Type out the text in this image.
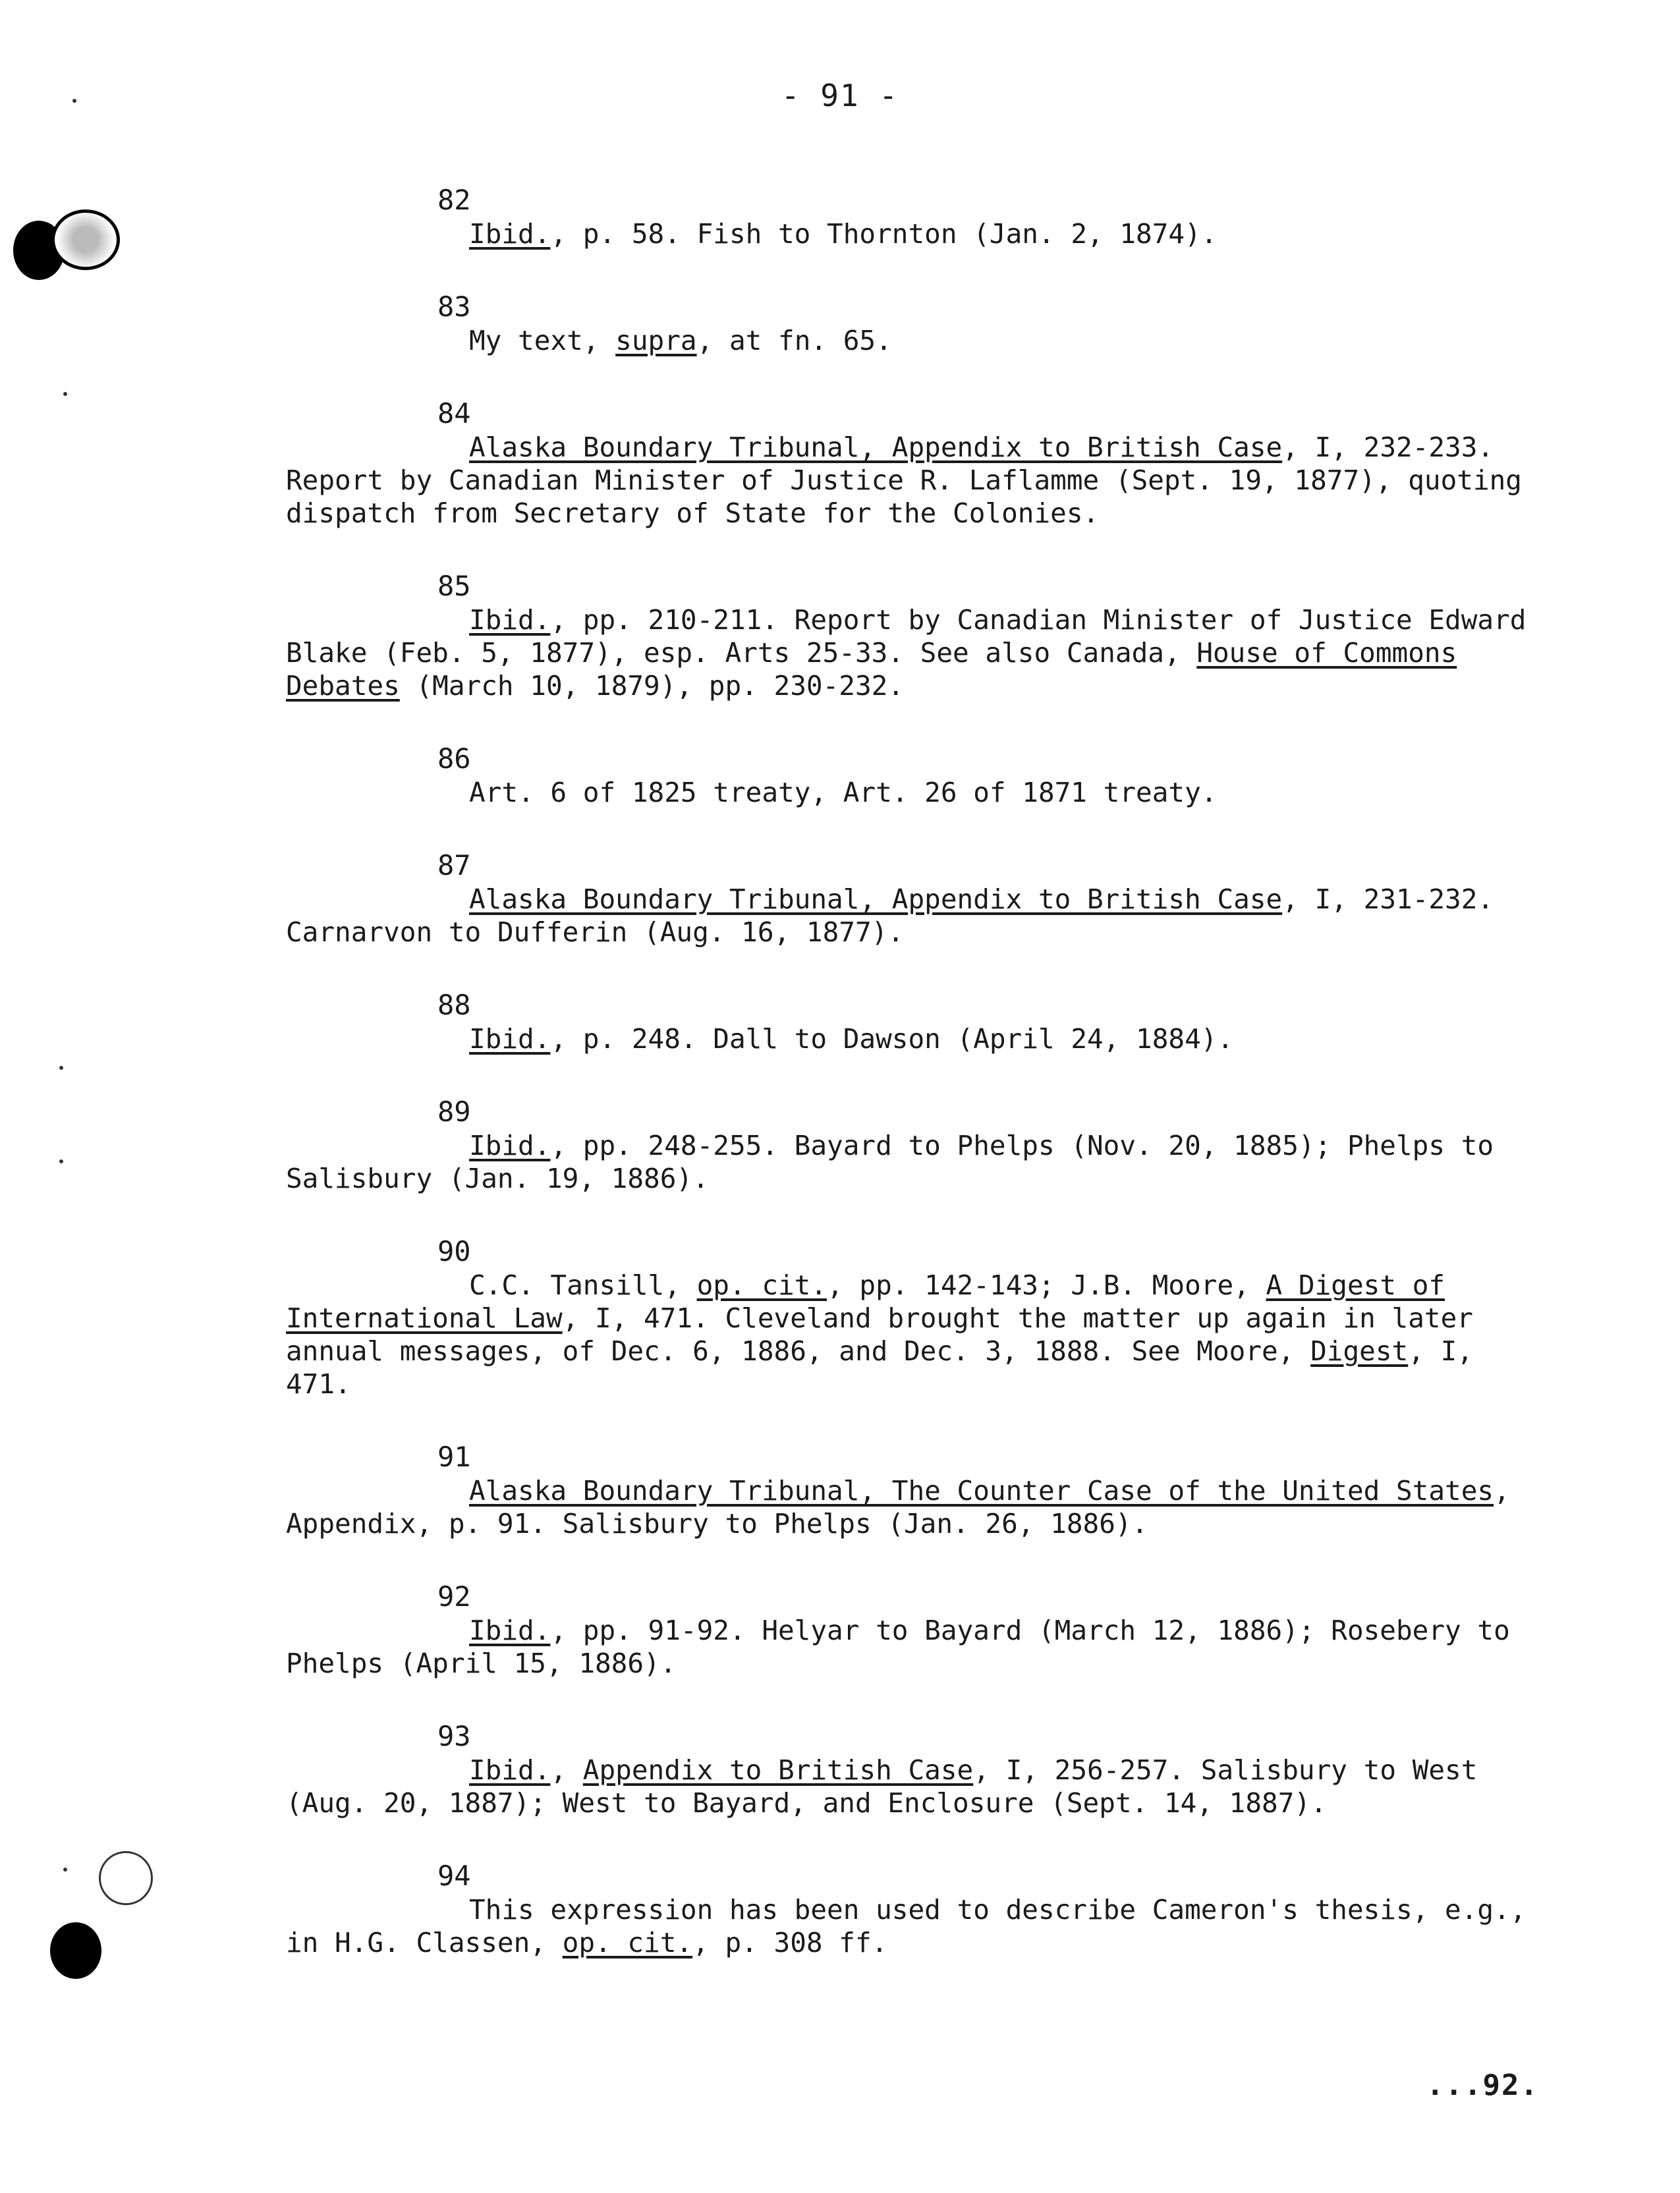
- 91 -
82

Ibid., p. 58. Fish to Thornton (Jan. 2, 1874).

83

My text, supra, at fn. 65.

84

Alaska Boundary Tribunal, Appendix to British Case, I, 232-233. Report by Canadian Minister of Justice R. Laflamme (Sept. 19, 1877), quoting dispatch from Secretary of State for the Colonies.

85

Ibid., pp. 210-211. Report by Canadian Minister of Justice Edward Blake (Feb. 5, 1877), esp. Arts 25-33. See also Canada, House of Commons Debates (March 10, 1879), pp. 230-232.

86

Art. 6 of 1825 treaty, Art. 26 of 1871 treaty.

87

Alaska Boundary Tribunal, Appendix to British Case, I, 231-232. Carnarvon to Dufferin (Aug. 16, 1877).

88

Ibid., p. 248. Dall to Dawson (April 24, 1884).

89

Ibid., pp. 248-255. Bayard to Phelps (Nov. 20, 1885); Phelps to Salisbury (Jan. 19, 1886).

90

C.C. Tansill, op. cit., pp. 142-143; J.B. Moore, A Digest of International Law, I, 471. Cleveland brought the matter up again in later annual messages, of Dec. 6, 1886, and Dec. 3, 1888. See Moore, Digest, I, 471.

91

Alaska Boundary Tribunal, The Counter Case of the United States, Appendix, p. 91. Salisbury to Phelps (Jan. 26, 1886).

92

Ibid., pp. 91-92. Helyar to Bayard (March 12, 1886); Rosebery to Phelps (April 15, 1886).

93

Ibid., Appendix to British Case, I, 256-257. Salisbury to West (Aug. 20, 1887); West to Bayard, and Enclosure (Sept. 14, 1887).

94

This expression has been used to describe Cameron's thesis, e.g., in H.G. Classen, op. cit., p. 308 ff.

...92.
